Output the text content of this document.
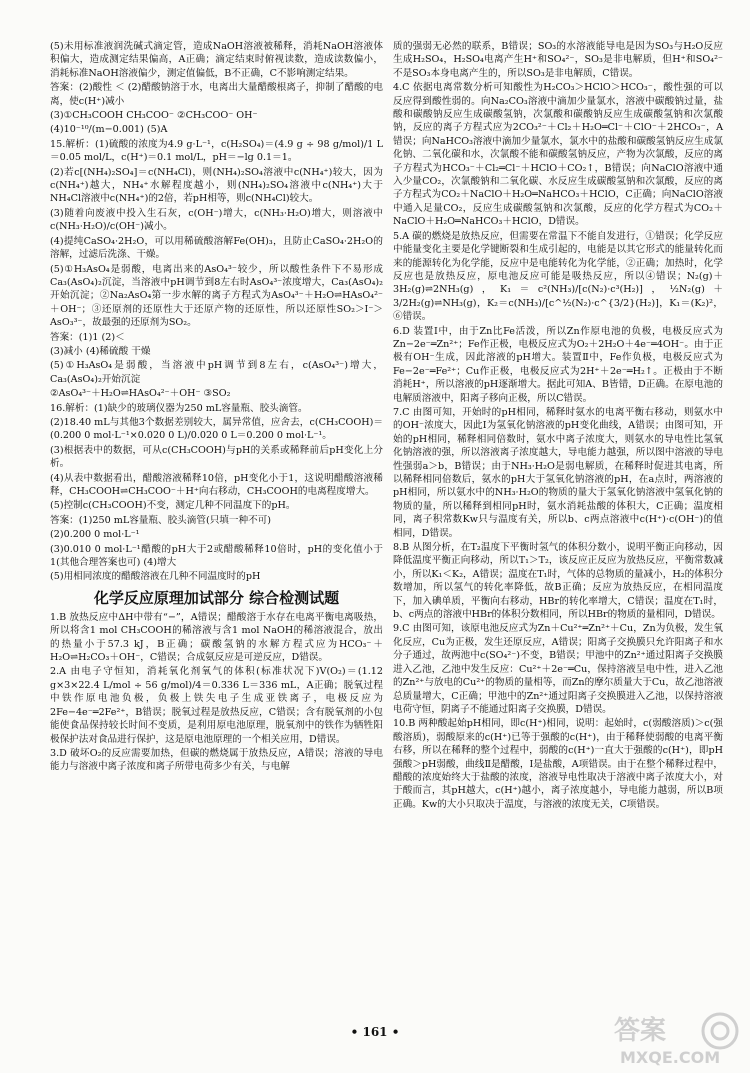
(5)未用标准液润洗碱式滴定管，造成NaOH溶液被稀释，消耗NaOH溶液体积偏大，造成测定结果偏高，A正确；滴定结束时俯视读数，造成读数偏小，消耗标准NaOH溶液偏少，测定值偏低，B不正确，C不影响测定结果。

答案：(2)酸性 ＜ (2)醋酸钠溶于水，电离出大量醋酸根离子，抑制了醋酸的电离，使c(H⁺)减小

(3)①CH₃COOH CH₃COO⁻ ②CH₃COO⁻ OH⁻

(4)10⁻¹⁰/(m−0.001) (5)A

15.解析：(1)硫酸的浓度为4.9 g·L⁻¹，c(H₂SO₄)＝(4.9 g ÷ 98 g/mol)/1 L＝0.05 mol/L，c(H⁺)＝0.1 mol/L，pH＝−lg 0.1＝1。

(2)若c[(NH₄)₂SO₄]＝c(NH₄Cl)，则(NH₄)₂SO₄溶液中c(NH₄⁺)较大，因为c(NH₄⁺)越大，NH₄⁺水解程度越小，则(NH₄)₂SO₄溶液中c(NH₄⁺)大于NH₄Cl溶液中c(NH₄⁺)的2倍，若pH相等，则c(NH₄Cl)较大。

(3)随着向废液中投入生石灰，c(OH⁻)增大，c(NH₃·H₂O)增大，则溶液中c(NH₃·H₂O)/c(OH⁻)减小。

(4)提纯CaSO₄·2H₂O，可以用稀硫酸溶解Fe(OH)₃，且防止CaSO₄·2H₂O的溶解，过滤后洗涤、干燥。

(5)①H₃AsO₄是弱酸，电离出来的AsO₄³⁻较少，所以酸性条件下不易形成Ca₃(AsO₄)₂沉淀，当溶液中pH调节到8左右时AsO₄³⁻浓度增大，Ca₃(AsO₄)₂开始沉淀；②Na₂AsO₄第一步水解的离子方程式为AsO₄³⁻＋H₂O⇌HAsO₄²⁻＋OH⁻；③还原剂的还原性大于还原产物的还原性，所以还原性SO₂＞I⁻＞AsO₃³⁻，故最强的还原剂为SO₂。

答案：(1)1 (2)＜

(3)减小 (4)稀硫酸 干燥

(5)①H₃AsO₄是弱酸，当溶液中pH调节到8左右，c(AsO₄³⁻)增大，Ca₃(AsO₄)₂开始沉淀

②AsO₄³⁻＋H₂O⇌HAsO₄²⁻＋OH⁻ ③SO₂

16.解析：(1)缺少的玻璃仪器为250 mL容量瓶、胶头滴管。

(2)18.40 mL与其他3个数据差别较大，属异常值，应舍去，c(CH₃COOH)＝(0.200 0 mol·L⁻¹×0.020 0 L)/0.020 0 L＝0.200 0 mol·L⁻¹。

(3)根据表中的数据，可从c(CH₃COOH)与pH的关系或稀释前后pH变化上分析。

(4)从表中数据看出，醋酸溶液稀释10倍，pH变化小于1，这说明醋酸溶液稀释，CH₃COOH⇌CH₃COO⁻＋H⁺向右移动，CH₃COOH的电离程度增大。

(5)控制c(CH₃COOH)不变，测定几种不同温度下的pH。

答案：(1)250 mL容量瓶、胶头滴管(只填一种不可)

(2)0.200 0 mol·L⁻¹

(3)0.010 0 mol·L⁻¹醋酸的pH大于2或醋酸稀释10倍时，pH的变化值小于1(其他合理答案也可) (4)增大

(5)用相同浓度的醋酸溶液在几种不同温度时的pH

化学反应原理加试部分 综合检测试题

1.B 放热反应中ΔH中带有“−”，A错误；醋酸溶于水存在电离平衡电离吸热，所以将含1 mol CH₃COOH的稀溶液与含1 mol NaOH的稀溶液混合，放出的热量小于57.3 kJ，B正确；碳酸氢钠的水解方程式应为HCO₃⁻＋H₂O⇌H₂CO₃＋OH⁻，C错误；合成氨反应是可逆反应，D错误。

2.A 由电子守恒知，消耗氧化剂氧气的体积(标准状况下)V(O₂)＝(1.12 g×3×22.4 L/mol ÷ 56 g/mol)/4＝0.336 L＝336 mL，A正确；脱氧过程中铁作原电池负极，负极上铁失电子生成亚铁离子，电极反应为2Fe−4e⁻═2Fe²⁺，B错误；脱氧过程是放热反应，C错误；含有脱氧剂的小包能使食品保持较长时间不变质，是利用原电池原理，脱氧剂中的铁作为牺牲阳极保护法对食品进行保护，这是原电池原理的一个相关应用，D错误。

3.D 破坏O₂的反应需要加热，但碳的燃烧属于放热反应，A错误；溶液的导电能力与溶液中离子浓度和离子所带电荷多少有关，与电解

质的强弱无必然的联系，B错误；SO₃的水溶液能导电是因为SO₃与H₂O反应生成H₂SO₄，H₂SO₄电离产生H⁺和SO₄²⁻，SO₃是非电解质，但H⁺和SO₄²⁻不是SO₃本身电离产生的，所以SO₃是非电解质，C错误。

4.C 依据电离常数分析可知酸性为H₂CO₃＞HClO＞HCO₃⁻，酸性强的可以反应得到酸性弱的。向Na₂CO₃溶液中滴加少量氯水，溶液中碳酸钠过量，盐酸和碳酸钠反应生成碳酸氢钠，次氯酸和碳酸钠反应生成碳酸氢钠和次氯酸钠，反应的离子方程式应为2CO₃²⁻＋Cl₂＋H₂O═Cl⁻＋ClO⁻＋2HCO₃⁻，A错误；向NaHCO₃溶液中滴加少量氯水，氯水中的盐酸和碳酸氢钠反应生成氯化钠、二氧化碳和水，次氯酸不能和碳酸氢钠反应，产物为次氯酸，反应的离子方程式为HCO₃⁻＋Cl₂═Cl⁻＋HClO＋CO₂↑，B错误；向NaClO溶液中通入少量CO₂，次氯酸钠和二氧化碳、水反应生成碳酸氢钠和次氯酸，反应的离子方程式为CO₂＋NaClO＋H₂O═NaHCO₃＋HClO，C正确；向NaClO溶液中通入足量CO₂，反应生成碳酸氢钠和次氯酸，反应的化学方程式为CO₂＋NaClO＋H₂O═NaHCO₃＋HClO，D错误。

5.A 碳的燃烧是放热反应，但需要在常温下不能自发进行，①错误；化学反应中能量变化主要是化学键断裂和生成引起的，电能是以其它形式的能量转化而来的能源转化为化学能，反应中是电能转化为化学能，②正确；加热时，化学反应也是放热反应，原电池反应可能是吸热反应，所以④错误；N₂(g)＋3H₂(g)⇌2NH₃(g)，K₁＝c²(NH₃)/[c(N₂)·c³(H₂)]，½N₂(g)＋3/2H₂(g)⇌NH₃(g)，K₂＝c(NH₃)/[c^½(N₂)·c^{3/2}(H₂)]，K₁＝(K₂)²，⑥错误。

6.D 装置Ⅰ中，由于Zn比Fe活泼，所以Zn作原电池的负极，电极反应式为Zn−2e⁻═Zn²⁺；Fe作正极，电极反应式为O₂＋2H₂O＋4e⁻═4OH⁻。由于正极有OH⁻生成，因此溶液的pH增大。装置Ⅱ中，Fe作负极，电极反应式为Fe−2e⁻═Fe²⁺；Cu作正极，电极反应式为2H⁺＋2e⁻═H₂↑。正极由于不断消耗H⁺，所以溶液的pH逐渐增大。据此可知A、B皆错，D正确。在原电池的电解质溶液中，阳离子移向正极，所以C错误。

7.C 由图可知，开始时的pH相同，稀释时氨水的电离平衡右移动，则氨水中的OH⁻浓度大，因此Ⅰ为氢氧化钠溶液的pH变化曲线，A错误；由图可知，开始的pH相同，稀释相同倍数时，氨水中离子浓度大，则氨水的导电性比氢氧化钠溶液的强，所以溶液离子浓度越大，导电能力越强，所以图中溶液的导电性强弱a＞b，B错误；由于NH₃·H₂O是弱电解质，在稀释时促进其电离，所以稀释相同倍数后，氨水的pH大于氢氧化钠溶液的pH，在a点时，两溶液的pH相同，所以氨水中的NH₃·H₂O的物质的量大于氢氧化钠溶液中氢氧化钠的物质的量，所以稀释到相同pH时，氨水消耗盐酸的体积大，C正确；温度相同，离子积常数Kw只与温度有关，所以b、c两点溶液中c(H⁺)·c(OH⁻)的值相同，D错误。

8.B 从图分析，在T₂温度下平衡时氢气的体积分数小，说明平衡正向移动，因降低温度平衡正向移动，所以T₁＞T₂，该反应正反应为放热反应，平衡常数减小，所以K₁＜K₂，A错误；温度在T₁时，气体的总物质的量减小，H₂的体积分数增加，所以氢气的转化率降低，故B正确；反应为放热反应，在相同温度下，加入碘单质，平衡向右移动，HBr的转化率增大，C错误；温度在T₁时，b、c两点的溶液中HBr的体积分数相同，所以HBr的物质的量相同，D错误。

9.C 由图可知，该原电池反应式为Zn＋Cu²⁺═Zn²⁺＋Cu，Zn为负极，发生氧化反应，Cu为正极，发生还原反应，A错误；阳离子交换膜只允许阳离子和水分子通过，故两池中c(SO₄²⁻)不变，B错误；甲池中的Zn²⁺通过阳离子交换膜进入乙池，乙池中发生反应：Cu²⁺＋2e⁻═Cu，保持溶液呈电中性，进入乙池的Zn²⁺与放电的Cu²⁺的物质的量相等，而Zn的摩尔质量大于Cu，故乙池溶液总质量增大，C正确；甲池中的Zn²⁺通过阳离子交换膜进入乙池，以保持溶液电荷守恒，阴离子不能通过阳离子交换膜，D错误。

10.B 两种酸起始pH相同，即c(H⁺)相同，说明：起始时，c(弱酸溶质)＞c(强酸溶质)，弱酸原来的c(H⁺)已等于强酸的c(H⁺)，由于稀释使弱酸的电离平衡右移，所以在稀释的整个过程中，弱酸的c(H⁺)一直大于强酸的c(H⁺)，即pH强酸＞pH弱酸，曲线Ⅱ是醋酸，Ⅰ是盐酸，A项错误。由于在整个稀释过程中，醋酸的浓度始终大于盐酸的浓度，溶液导电性取决于溶液中离子浓度大小，对于酸而言，其pH越大，c(H⁺)越小，离子浓度越小，导电能力越弱，所以B项正确。Kw的大小只取决于温度，与溶液的浓度无关，C项错误。

• 161 •	答案
MXQE.COM
